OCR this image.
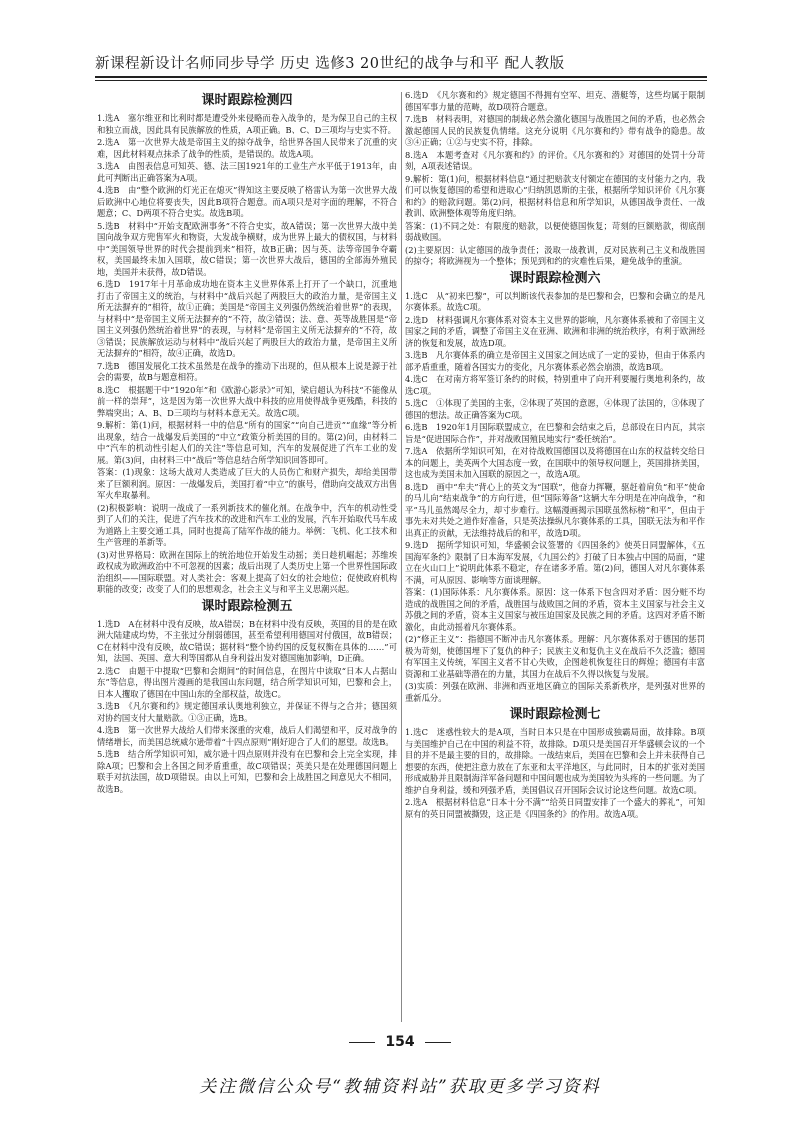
新课程新设计名师同步导学 历史 选修3 20世纪的战争与和平 配人教版
课时跟踪检测四
1.选A　塞尔维亚和比利时都是遭受外来侵略而卷入战争的，是为保卫自己的主权和独立而战，因此具有民族解放的性质，A项正确。B、C、D三项均与史实不符。
2.选A　第一次世界大战是帝国主义的掠夺战争，给世界各国人民带来了沉重的灾难，因此材料观点抹杀了战争的性质，是错误的。故选A项。
3.选A　由图表信息可知英、德、法三国1921年的工业生产水平低于1913年，由此可判断出正确答案为A项。
4.选B　由“整个欧洲的灯光正在熄灭”得知这主要反映了格雷认为第一次世界大战后欧洲中心地位将要丧失，因此B项符合题意。而A项只是对字面的理解，不符合题意；C、D两项不符合史实。故选B项。
5.选B　材料中“开始支配欧洲事务”不符合史实，故A错误；第一次世界大战中美国向战争双方兜售军火和物资，大发战争横财，成为世界上最大的债权国，与材料中“美国领导世界的时代会提前到来”相符，故B正确；因与英、法等帝国争夺霸权，美国最终未加入国联，故C错误；第一次世界大战后，德国的全部海外殖民地，美国并未获得，故D错误。
6.选D　1917年十月革命成功地在资本主义世界体系上打开了一个缺口，沉重地打击了帝国主义的统治，与材料中“战后兴起了两股巨大的政治力量，是帝国主义所无法摒弃的”相符，故①正确；美国是“帝国主义列强仍然统治着世界”的表现，与材料中“是帝国主义所无法摒弃的”不符，故②错误；法、意、英等战胜国是“帝国主义列强仍然统治着世界”的表现，与材料“是帝国主义所无法摒弃的”不符，故③错误；民族解放运动与材料中“战后兴起了两股巨大的政治力量，是帝国主义所无法摒弃的”相符，故④正确，故选D。
7.选B　德国发展化工技术虽然是在战争的推动下出现的，但从根本上说是源于社会的需要，故B与题意相符。
8.选C　根据题干中“1920年”和《欧游心影录》”可知，梁启超认为科技“不能像从前一样的崇拜”，这是因为第一次世界大战中科技的应用使得战争更残酷，科技的弊端突出；A、B、D三项均与材料本意无关。故选C项。
9.解析：第(1)问，根据材料一中的信息“所有的国家”“向自己进贡”“血缘”等分析出现象，结合一战爆发后美国的“中立”政策分析美国的目的。第(2)问，由材料二中“汽车的机动性引起人们的关注”等信息可知，汽车的发展促进了汽车工业的发展。第(3)问，由材料三中“战后”等信息结合所学知识回答即可。
答案：(1)现象：这场大战对人类造成了巨大的人员伤亡和财产损失，却给美国带来了巨额利润。原因：一战爆发后，美国打着“中立”的旗号，借助向交战双方出售军火牟取暴利。
(2)积极影响：说明一战成了一系列新技术的催化剂。在战争中，汽车的机动性受到了人们的关注，促进了汽车技术的改进和汽车工业的发展，汽车开始取代马车成为道路上主要交通工具，同时也提高了陆军作战的能力。举例：飞机、化工技术和生产管理的革新等。
(3)对世界格局：欧洲在国际上的统治地位开始发生动摇；美日趁机崛起；苏维埃政权成为欧洲政治中不可忽视的因素；战后出现了人类历史上第一个世界性国际政治组织——国际联盟。对人类社会：客观上提高了妇女的社会地位；促使政府机构职能的改变；改变了人们的思想观念，社会主义与和平主义思潮兴起。
课时跟踪检测五
1.选D　A在材料中没有反映，故A错误；B在材料中没有反映，英国的目的是在欧洲大陆建成均势，不主张过分削弱德国，甚至希望利用德国对付俄国，故B错误；C在材料中没有反映，故C错误；据材料“整个协约国的反复权衡在具体的……”可知，法国、英国、意大利等国都从自身利益出发对德国施加影响，D正确。
2.选C　由题干中提取“巴黎和会期间”的时间信息，在图片中读取“日本人占据山东”等信息，得出图片漫画的是我国山东问题，结合所学知识可知，巴黎和会上，日本人攫取了德国在中国山东的全部权益，故选C。
3.选B　《凡尔赛和约》规定德国承认奥地利独立，并保证不得与之合并；德国须对协约国支付大量赔款。①③正确，选B。
4.选B　第一次世界大战给人们带来深重的灾难，战后人们渴望和平，反对战争的情绪增长，而美国总统威尔逊带着“十四点原则”刚好迎合了人们的愿望。故选B。
5.选B　结合所学知识可知，威尔逊十四点原则并没有在巴黎和会上完全实现，排除A项；巴黎和会上各国之间矛盾重重，故C项错误；英美只是在处理德国问题上联手对抗法国，故D项错误。由以上可知，巴黎和会上战胜国之间意见大不相同，故选B。
6.选D　《凡尔赛和约》规定德国不得拥有空军、坦克、潜艇等，这些均属于限制德国军事力量的范畴，故D项符合题意。
7.选B　材料表明，对德国的制裁必然会激化德国与战胜国之间的矛盾，也必然会激起德国人民的民族复仇情绪。这充分说明《凡尔赛和约》带有战争的隐患。故③④正确；①②与史实不符，排除。
8.选A　本题考查对《凡尔赛和约》的评价。《凡尔赛和约》对德国的处罚十分苛刻，A项表述错误。
9.解析：第(1)问，根据材料信息“通过把赔款支付额定在德国的支付能力之内，我们可以恢复德国的希望和进取心”归纳凯恩斯的主张，根据所学知识评价《凡尔赛和约》的赔款问题。第(2)问，根据材料信息和所学知识，从德国战争责任、一战教训、欧洲整体观等角度归纳。
答案：(1)不同之处：有限度的赔款，以便使德国恢复；苛刻的巨额赔款，彻底削弱战败国。
(2)主要原因：认定德国的战争责任；汲取一战教训，反对民族利己主义和战胜国的掠夺；将欧洲视为一个整体；预见到和约的灾难性后果，避免战争的重演。
课时跟踪检测六
1.选C　从“初来巴黎”，可以判断该代表参加的是巴黎和会，巴黎和会确立的是凡尔赛体系。故选C项。
2.选D　材料强调凡尔赛体系对资本主义世界的影响，凡尔赛体系被和了帝国主义国家之间的矛盾，调整了帝国主义在亚洲、欧洲和非洲的统治秩序，有利于欧洲经济的恢复和发展，故选D项。
3.选B　凡尔赛体系的确立是帝国主义国家之间达成了一定的妥协，但由于体系内部矛盾重重，随着各国实力的变化，凡尔赛体系必然会崩溃，故选B项。
4.选C　在对南方将军签订条约的时候，特别重申了向开利要履行奥地利条约，故选C项。
5.选C　①体现了美国的主张，②体现了英国的意愿，④体现了法国的，③体现了德国的想法。故正确答案为C项。
6.选B　1920年1月国际联盟成立，在巴黎和会结束之后，总部设在日内瓦，其宗旨是“促进国际合作”，并对战败国殖民地实行“委任统治”。
7.选A　依据所学知识可知，在对待战败国德国以及将德国在山东的权益转交给日本的问题上，美英两个大国态度一致，在国联中的领导权问题上，英国排挤美国，这也成为美国未加入国联的原因之一，故选A项。
8.选D　画中“牟夫”背心上的英文为“国联”，他奋力挥鞭，驱赶着肩负“和平”使命的马儿向“结束战争”的方向行进，但“国际筹备”这辆大车分明是在冲向战争，“和平”马儿虽然竭尽全力，却寸步难行。这幅漫画揭示国联虽然标榜“和平”，但由于事先未对共处之道作好准备，只是英法操纵凡尔赛体系的工具，国联无法为和平作出真正的贡献，无法维持战后的和平，故选D项。
9.选D　据所学知识可知，华盛顿会议签署的《四国条约》使英日同盟解体，《五国海军条约》限制了日本海军发展，《九国公约》打破了日本独占中国的局面，“建立在火山口上”说明此体系不稳定，存在诸多矛盾。第(2)问，德国人对凡尔赛体系不满，可从原因、影响等方面谈理解。
答案：(1)国际体系：凡尔赛体系。原因：这一体系下包含四对矛盾：因分赃不均造成的战胜国之间的矛盾，战胜国与战败国之间的矛盾，资本主义国家与社会主义苏俄之间的矛盾，资本主义国家与被压迫国家及民族之间的矛盾。这四对矛盾不断激化，由此动摇着凡尔赛体系。
(2)“修正主义”：指德国不断冲击凡尔赛体系。理解：凡尔赛体系对于德国的惩罚极为苛刻，使德国埋下了复仇的种子；民族主义和复仇主义在战后不久泛滥；德国有军国主义传统，军国主义者不甘心失败，企图趁机恢复往日的辉煌；德国有丰富资源和工业基础等潜在的力量，其国力在战后不久得以恢复与发展。
(3)实质：列强在欧洲、非洲和西亚地区确立的国际关系新秩序，是列强对世界的重新瓜分。
课时跟踪检测七
1.选C　迷惑性较大的是A项，当时日本只是在中国形成独霸局面，故排除。B项与美国维护自己在中国的利益不符，故排除。D项只是美国召开华盛顿会议的一个目的并不是最主要的目的，故排除。一战结束后，美国在巴黎和会上并未获得自己想要的东西，使把注意力放在了东亚和太平洋地区，与此同时，日本的扩张对美国形成威胁并且限制海洋军备问题和中国问题也成为美国较为头疼的一些问题。为了维护自身利益，缓和列强矛盾，美国倡议召开国际会议讨论这些问题。故选C项。
2.选A　根据材料信息“日本十分不满”“给英日同盟安排了一个盛大的葬礼”，可知原有的英日同盟被撕毁，这正是《四国条约》的作用。故选A项。
154
关注微信公众号“教辅资料站”获取更多学习资料
